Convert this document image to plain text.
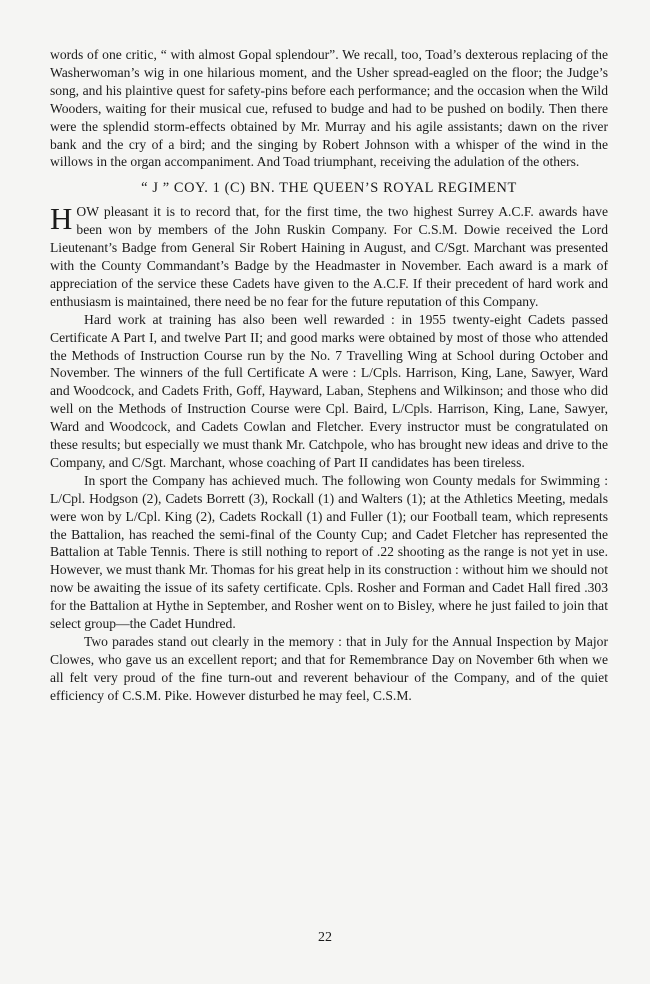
words of one critic, “ with almost Gopal splendour”. We recall, too, Toad’s dexterous replacing of the Washerwoman’s wig in one hilarious moment, and the Usher spread-eagled on the floor; the Judge’s song, and his plaintive quest for safety-pins before each performance; and the occasion when the Wild Wooders, waiting for their musical cue, refused to budge and had to be pushed on bodily. Then there were the splendid storm-effects obtained by Mr. Murray and his agile assistants; dawn on the river bank and the cry of a bird; and the singing by Robert Johnson with a whisper of the wind in the willows in the organ accompaniment. And Toad triumphant, receiving the adulation of the others.

“ J ” COY. 1 (C) BN. THE QUEEN’S ROYAL REGIMENT

HOW pleasant it is to record that, for the first time, the two highest Surrey A.C.F. awards have been won by members of the John Ruskin Company. For C.S.M. Dowie received the Lord Lieutenant’s Badge from General Sir Robert Haining in August, and C/Sgt. Marchant was presented with the County Commandant’s Badge by the Headmaster in November. Each award is a mark of appreciation of the service these Cadets have given to the A.C.F. If their precedent of hard work and enthusiasm is maintained, there need be no fear for the future reputation of this Company.

Hard work at training has also been well rewarded : in 1955 twenty-eight Cadets passed Certificate A Part I, and twelve Part II; and good marks were obtained by most of those who attended the Methods of Instruction Course run by the No. 7 Travelling Wing at School during October and November. The winners of the full Certificate A were : L/Cpls. Harrison, King, Lane, Sawyer, Ward and Woodcock, and Cadets Frith, Goff, Hayward, Laban, Stephens and Wilkinson; and those who did well on the Methods of Instruction Course were Cpl. Baird, L/Cpls. Harrison, King, Lane, Sawyer, Ward and Woodcock, and Cadets Cowlan and Fletcher. Every instructor must be congratulated on these results; but especially we must thank Mr. Catchpole, who has brought new ideas and drive to the Company, and C/Sgt. Marchant, whose coaching of Part II candidates has been tireless.

In sport the Company has achieved much. The following won County medals for Swimming : L/Cpl. Hodgson (2), Cadets Borrett (3), Rockall (1) and Walters (1); at the Athletics Meeting, medals were won by L/Cpl. King (2), Cadets Rockall (1) and Fuller (1); our Football team, which represents the Battalion, has reached the semi-final of the County Cup; and Cadet Fletcher has represented the Battalion at Table Tennis. There is still nothing to report of .22 shooting as the range is not yet in use. However, we must thank Mr. Thomas for his great help in its construction : without him we should not now be awaiting the issue of its safety certificate. Cpls. Rosher and Forman and Cadet Hall fired .303 for the Battalion at Hythe in September, and Rosher went on to Bisley, where he just failed to join that select group—the Cadet Hundred.

Two parades stand out clearly in the memory : that in July for the Annual Inspection by Major Clowes, who gave us an excellent report; and that for Remembrance Day on November 6th when we all felt very proud of the fine turn-out and reverent behaviour of the Company, and of the quiet efficiency of C.S.M. Pike. However disturbed he may feel, C.S.M.

22
